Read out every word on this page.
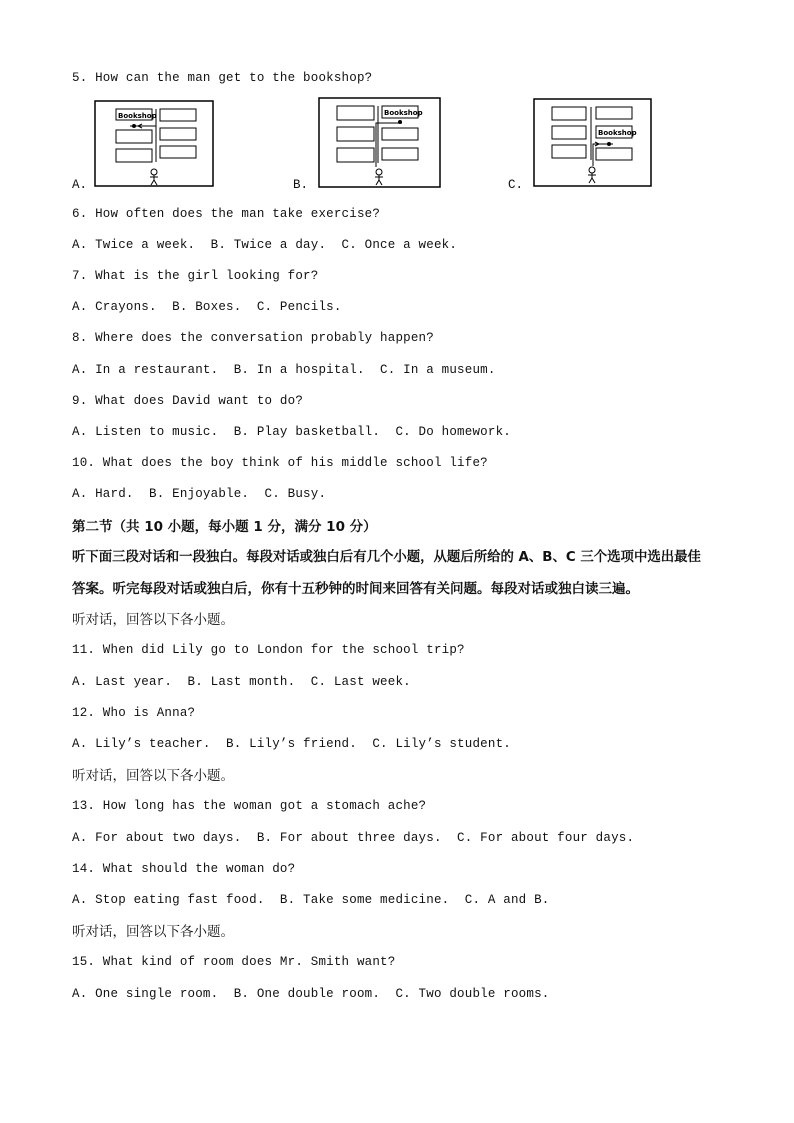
5. How can the man get to the bookshop?
A.	B.	C.
Bookshop	Bookshop
Bookshop
6. How often does the man take exercise?
A. Twice a week.  B. Twice a day.  C. Once a week.
7. What is the girl looking for?
A. Crayons.  B. Boxes.  C. Pencils.
8. Where does the conversation probably happen?
A. In a restaurant.  B. In a hospital.  C. In a museum.
9. What does David want to do?
A. Listen to music.  B. Play basketball.  C. Do homework.
10. What does the boy think of his middle school life?
A. Hard.  B. Enjoyable.  C. Busy.
第二节（共 10 小题，每小题 1 分，满分 10 分）
听下面三段对话和一段独白。每段对话或独白后有几个小题，从题后所给的 A、B、C 三个选项中选出最佳
答案。听完每段对话或独白后，你有十五秒钟的时间来回答有关问题。每段对话或独白读三遍。
听对话，回答以下各小题。
11. When did Lily go to London for the school trip?
A. Last year.  B. Last month.  C. Last week.
12. Who is Anna?
A. Lily’s teacher.  B. Lily’s friend.  C. Lily’s student.
听对话，回答以下各小题。
13. How long has the woman got a stomach ache?
A. For about two days.  B. For about three days.  C. For about four days.
14. What should the woman do?
A. Stop eating fast food.  B. Take some medicine.  C. A and B.
听对话，回答以下各小题。
15. What kind of room does Mr. Smith want?
A. One single room.  B. One double room.  C. Two double rooms.
